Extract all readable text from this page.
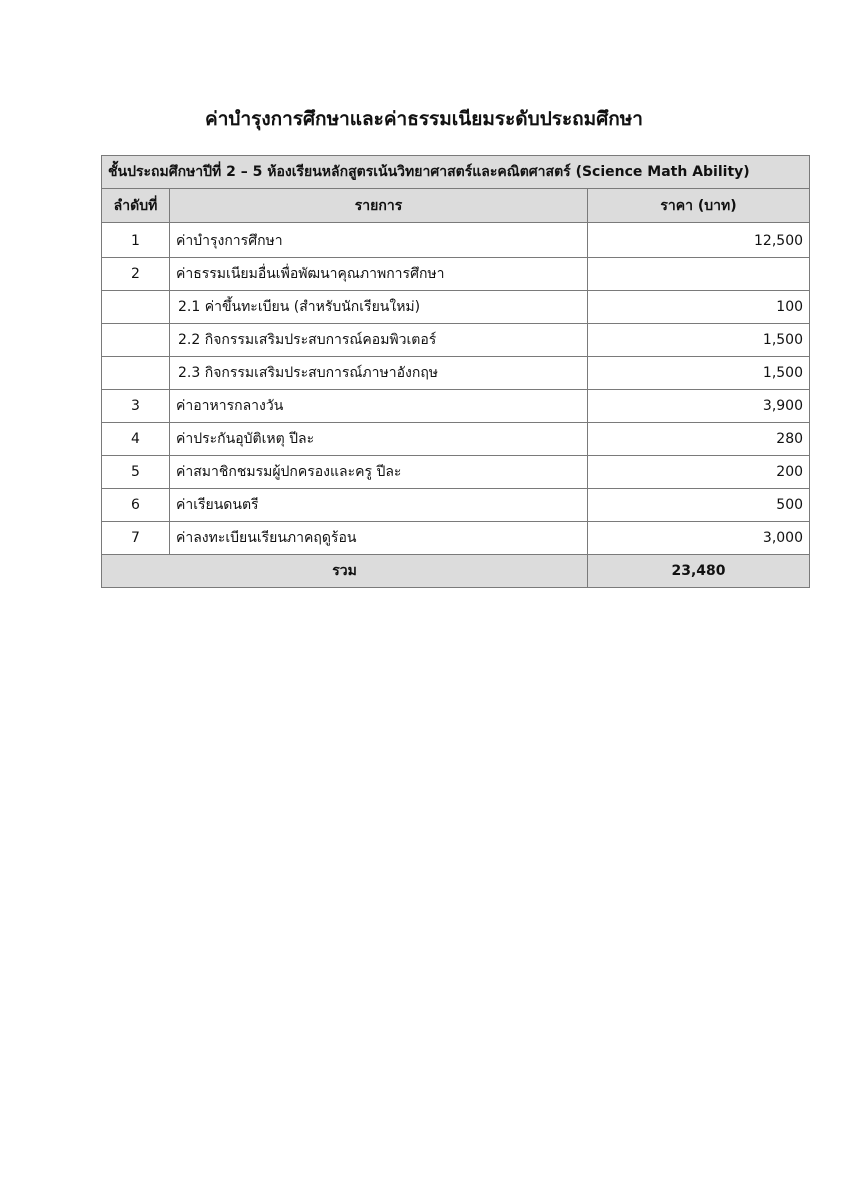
ค่าบำรุงการศึกษาและค่าธรรมเนียมระดับประถมศึกษา
ชั้นประถมศึกษาปีที่ 2 – 5 ห้องเรียนหลักสูตรเน้นวิทยาศาสตร์และคณิตศาสตร์ (Science Math Ability)		
ลำดับที่	รายการ	ราคา (บาท)
1	ค่าบำรุงการศึกษา	12,500
2	ค่าธรรมเนียมอื่นเพื่อพัฒนาคุณภาพการศึกษา	
	2.1 ค่าขึ้นทะเบียน (สำหรับนักเรียนใหม่)	100
	2.2 กิจกรรมเสริมประสบการณ์คอมพิวเตอร์	1,500
	2.3 กิจกรรมเสริมประสบการณ์ภาษาอังกฤษ	1,500
3	ค่าอาหารกลางวัน	3,900
4	ค่าประกันอุบัติเหตุ ปีละ	280
5	ค่าสมาชิกชมรมผู้ปกครองและครู ปีละ	200
6	ค่าเรียนดนตรี	500
7	ค่าลงทะเบียนเรียนภาคฤดูร้อน	3,000
รวม		23,480
